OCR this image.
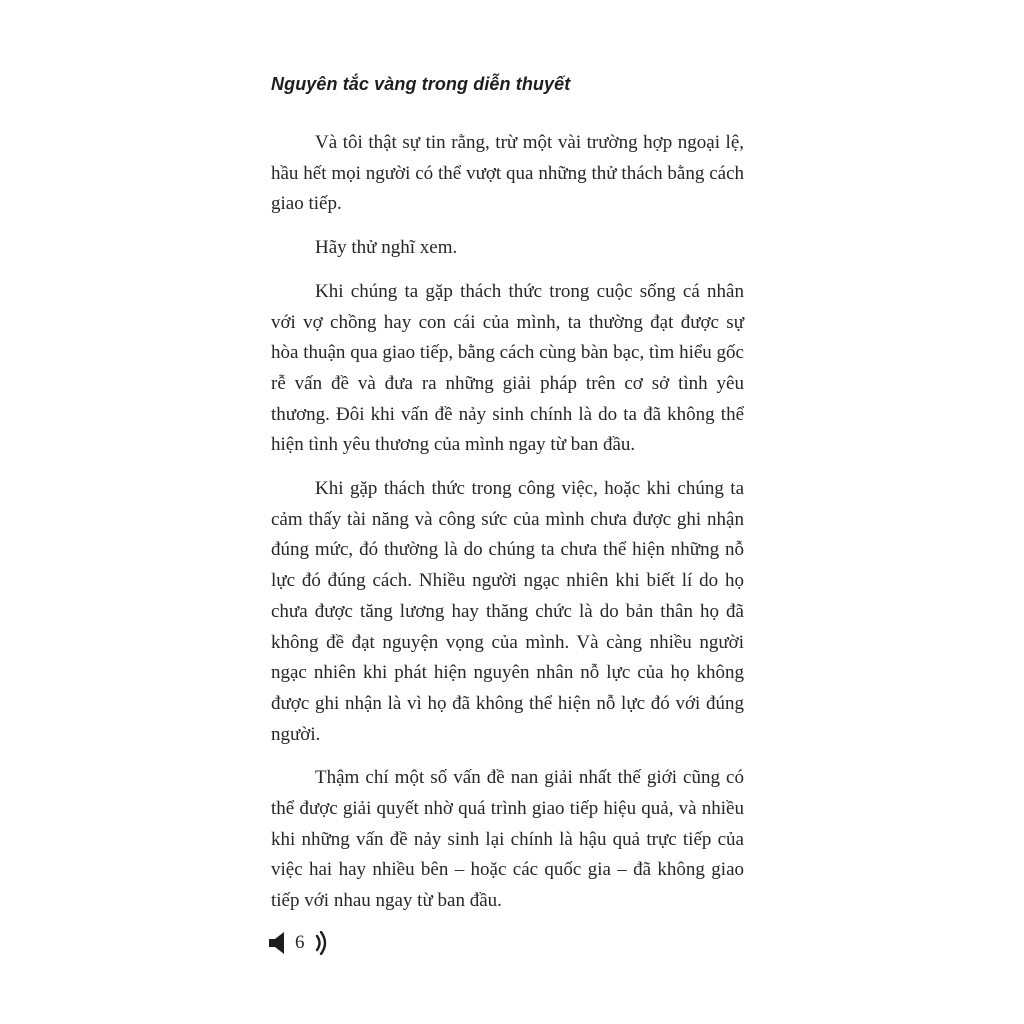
Nguyên tắc vàng trong diễn thuyết

Và tôi thật sự tin rằng, trừ một vài trường hợp ngoại lệ, hầu hết mọi người có thể vượt qua những thử thách bằng cách giao tiếp.

Hãy thử nghĩ xem.

Khi chúng ta gặp thách thức trong cuộc sống cá nhân với vợ chồng hay con cái của mình, ta thường đạt được sự hòa thuận qua giao tiếp, bằng cách cùng bàn bạc, tìm hiểu gốc rễ vấn đề và đưa ra những giải pháp trên cơ sở tình yêu thương. Đôi khi vấn đề nảy sinh chính là do ta đã không thể hiện tình yêu thương của mình ngay từ ban đầu.

Khi gặp thách thức trong công việc, hoặc khi chúng ta cảm thấy tài năng và công sức của mình chưa được ghi nhận đúng mức, đó thường là do chúng ta chưa thể hiện những nỗ lực đó đúng cách. Nhiều người ngạc nhiên khi biết lí do họ chưa được tăng lương hay thăng chức là do bản thân họ đã không đề đạt nguyện vọng của mình. Và càng nhiều người ngạc nhiên khi phát hiện nguyên nhân nỗ lực của họ không được ghi nhận là vì họ đã không thể hiện nỗ lực đó với đúng người.

Thậm chí một số vấn đề nan giải nhất thế giới cũng có thể được giải quyết nhờ quá trình giao tiếp hiệu quả, và nhiều khi những vấn đề nảy sinh lại chính là hậu quả trực tiếp của việc hai hay nhiều bên – hoặc các quốc gia – đã không giao tiếp với nhau ngay từ ban đầu.

6
